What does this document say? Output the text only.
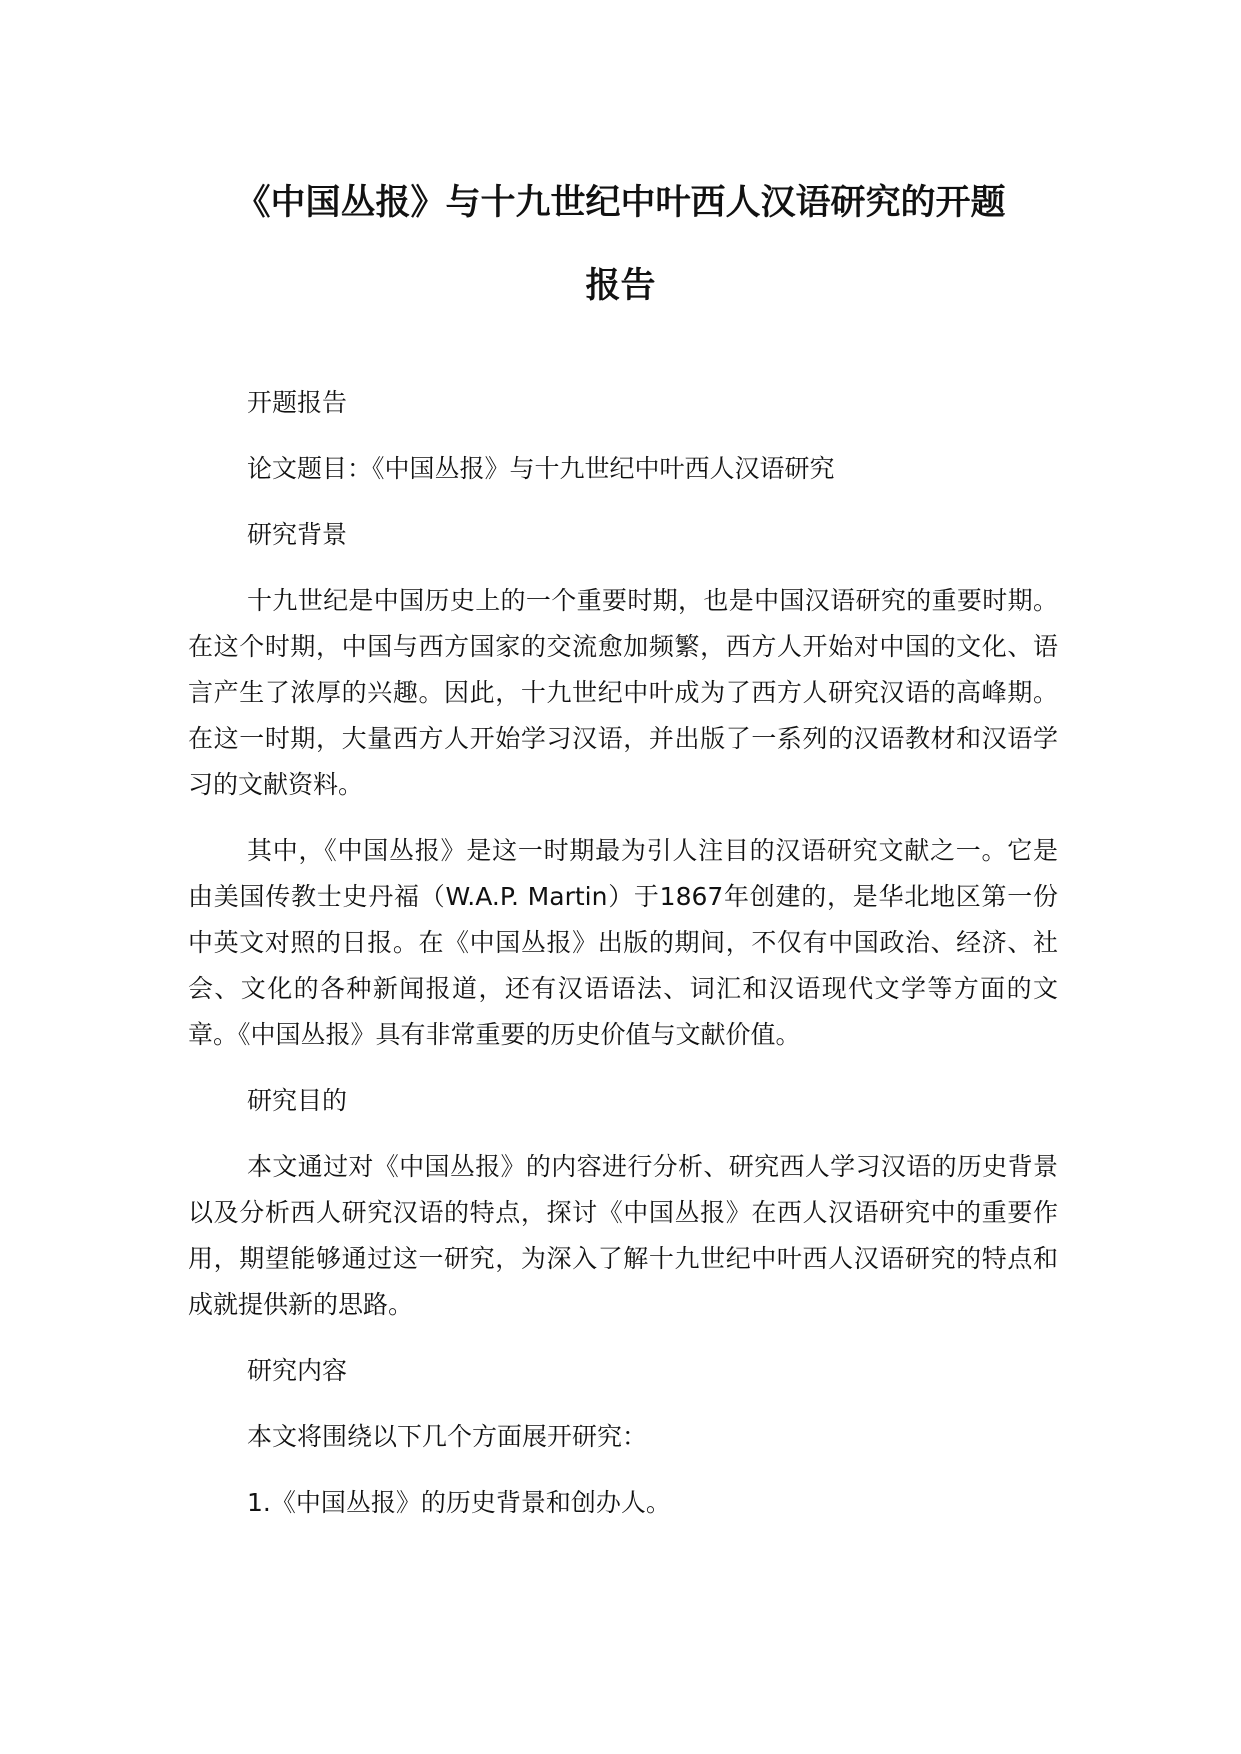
《中国丛报》与十九世纪中叶西人汉语研究的开题
报告

开题报告

论文题目：《中国丛报》与十九世纪中叶西人汉语研究

研究背景

十九世纪是中国历史上的一个重要时期，也是中国汉语研究的重要时期。在这个时期，中国与西方国家的交流愈加频繁，西方人开始对中国的文化、语言产生了浓厚的兴趣。因此，十九世纪中叶成为了西方人研究汉语的高峰期。在这一时期，大量西方人开始学习汉语，并出版了一系列的汉语教材和汉语学习的文献资料。

其中，《中国丛报》是这一时期最为引人注目的汉语研究文献之一。它是由美国传教士史丹福（W.A.P. Martin）于1867年创建的，是华北地区第一份中英文对照的日报。在《中国丛报》出版的期间，不仅有中国政治、经济、社会、文化的各种新闻报道，还有汉语语法、词汇和汉语现代文学等方面的文章。《中国丛报》具有非常重要的历史价值与文献价值。

研究目的

本文通过对《中国丛报》的内容进行分析、研究西人学习汉语的历史背景以及分析西人研究汉语的特点，探讨《中国丛报》在西人汉语研究中的重要作用，期望能够通过这一研究，为深入了解十九世纪中叶西人汉语研究的特点和成就提供新的思路。

研究内容

本文将围绕以下几个方面展开研究：

1.《中国丛报》的历史背景和创办人。
